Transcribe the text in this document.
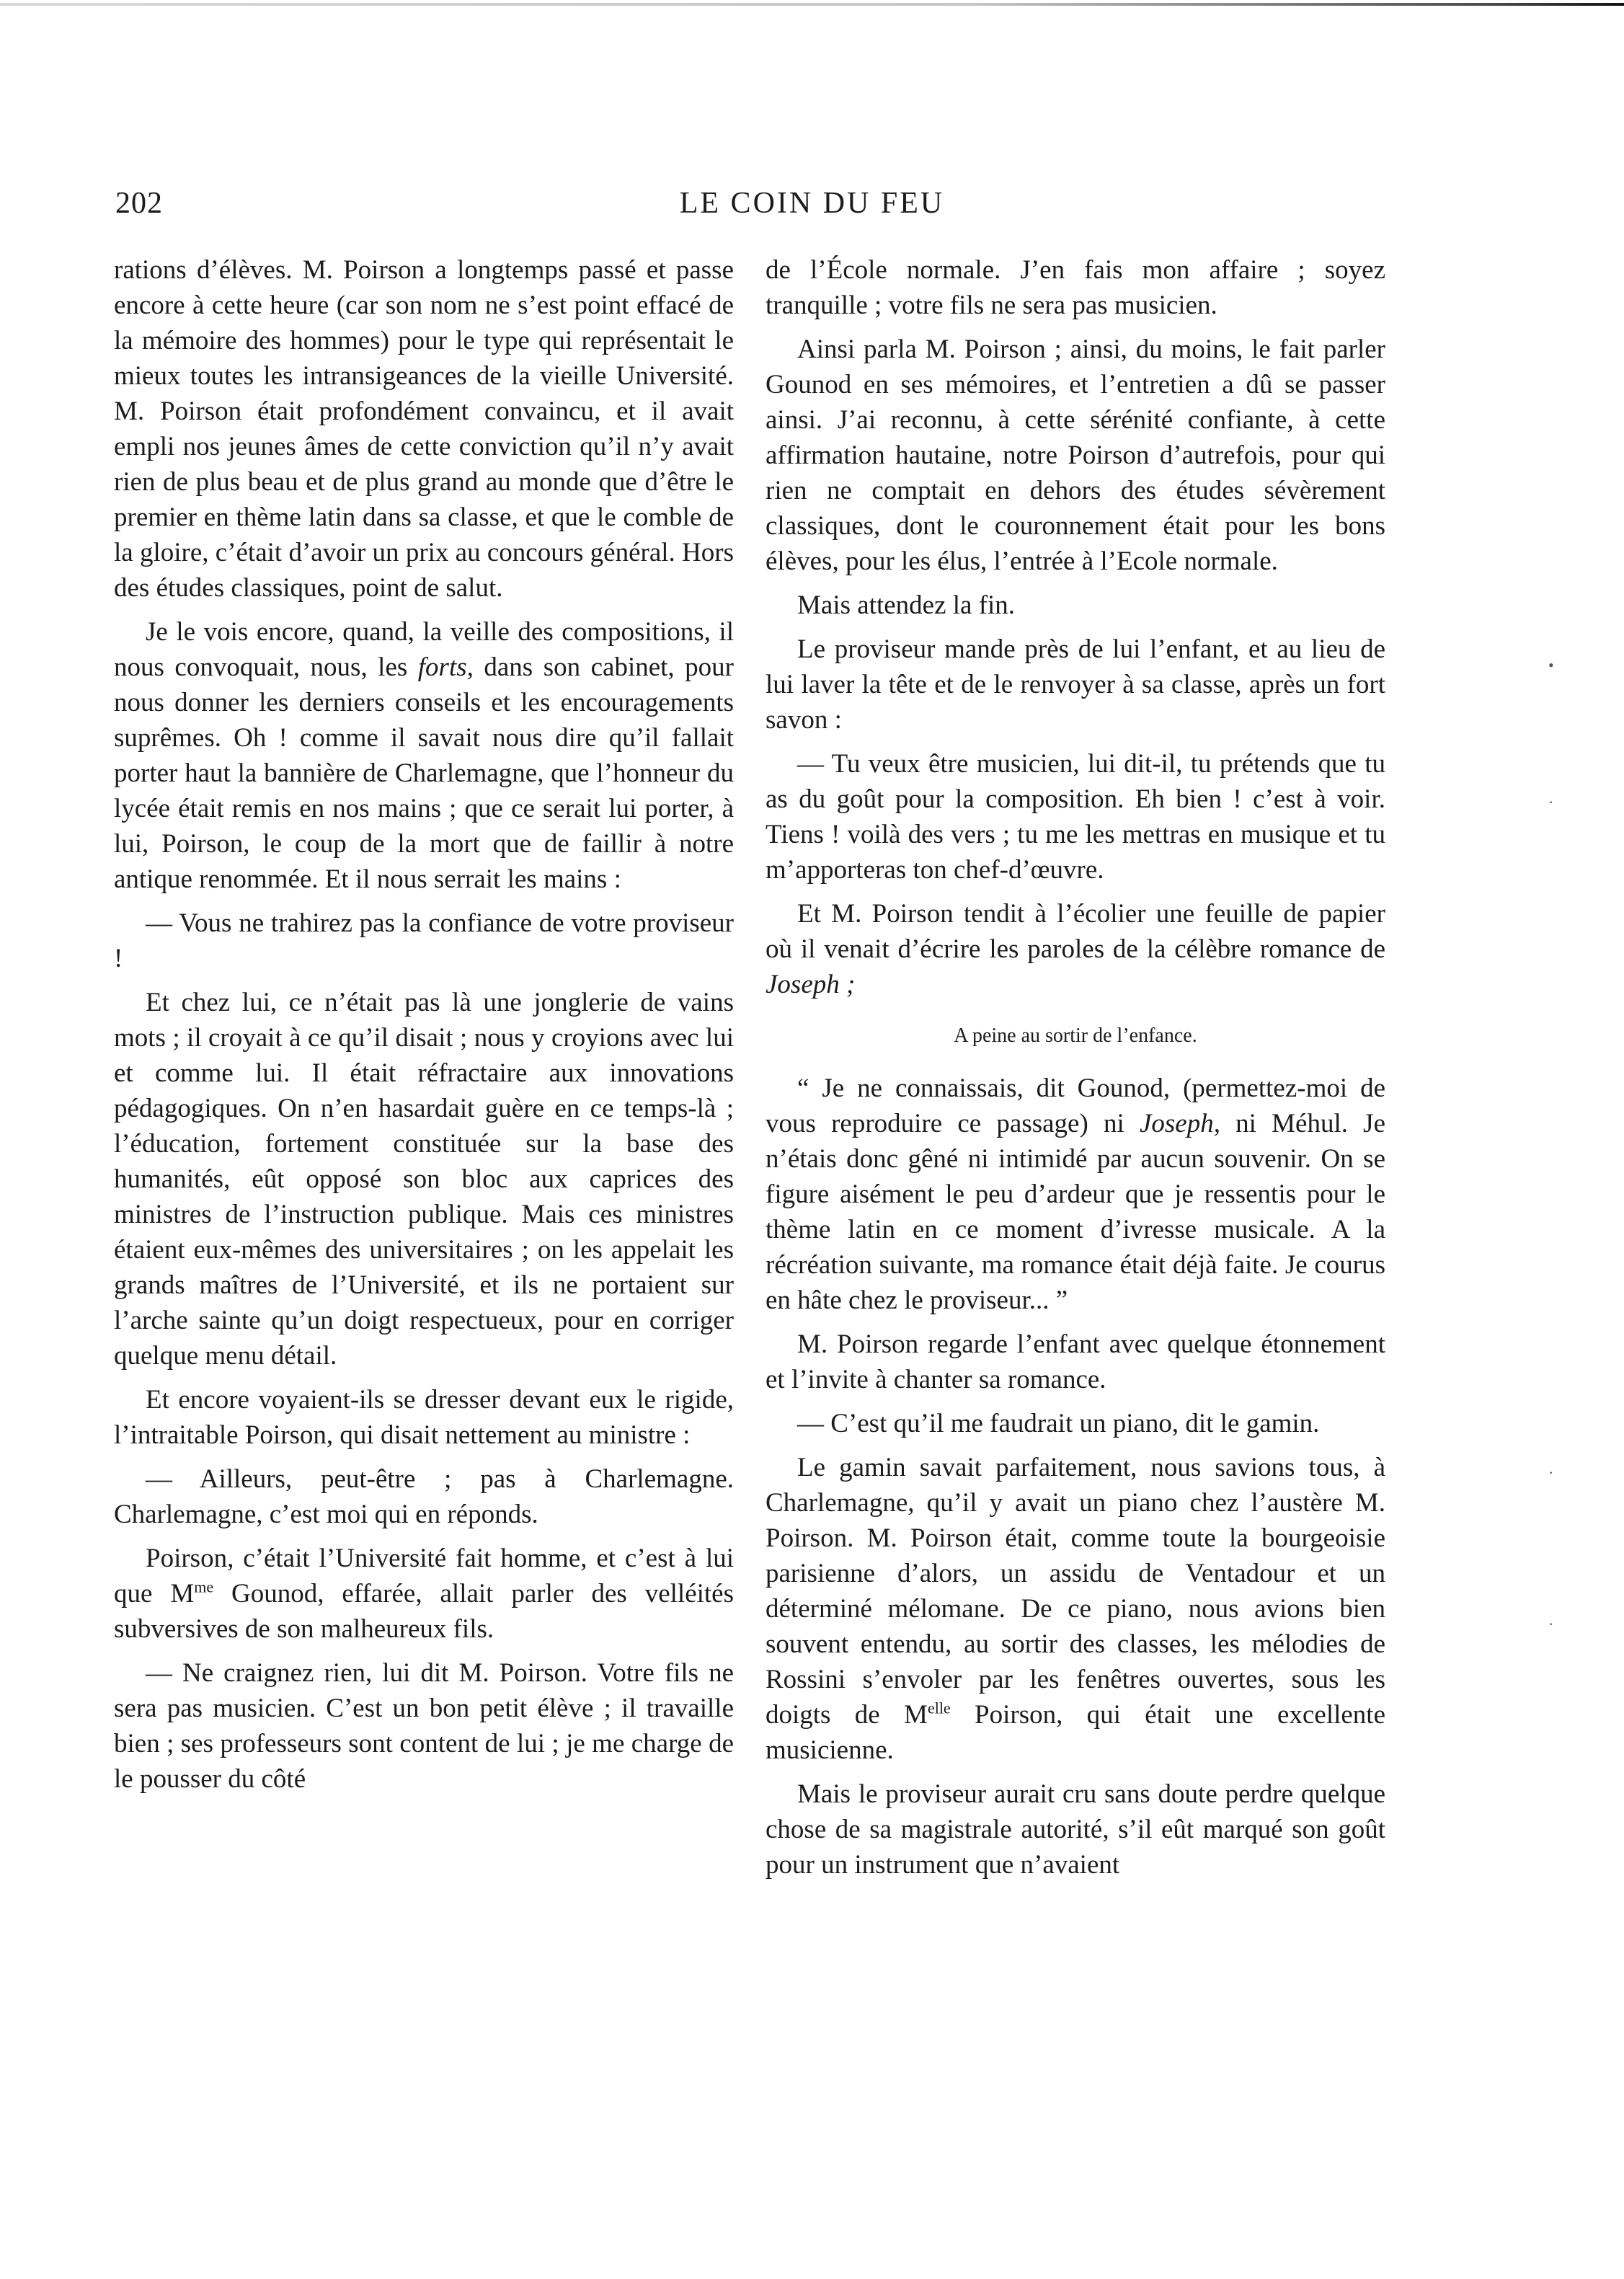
202	LE COIN DU FEU

rations d’élèves. M. Poirson a longtemps passé et passe encore à cette heure (car son nom ne s’est point effacé de la mémoire des hommes) pour le type qui représentait le mieux toutes les intransigeances de la vieille Université. M. Poirson était profondément convaincu, et il avait empli nos jeunes âmes de cette conviction qu’il n’y avait rien de plus beau et de plus grand au monde que d’être le premier en thème latin dans sa classe, et que le comble de la gloire, c’était d’avoir un prix au concours général. Hors des études classiques, point de salut.

Je le vois encore, quand, la veille des compositions, il nous convoquait, nous, les forts, dans son cabinet, pour nous donner les derniers conseils et les encouragements suprêmes. Oh ! comme il savait nous dire qu’il fallait porter haut la bannière de Charlemagne, que l’honneur du lycée était remis en nos mains ; que ce serait lui porter, à lui, Poirson, le coup de la mort que de faillir à notre antique renommée. Et il nous serrait les mains :

— Vous ne trahirez pas la confiance de votre proviseur !

Et chez lui, ce n’était pas là une jonglerie de vains mots ; il croyait à ce qu’il disait ; nous y croyions avec lui et comme lui. Il était réfractaire aux innovations pédagogiques. On n’en hasardait guère en ce temps-là ; l’éducation, fortement constituée sur la base des humanités, eût opposé son bloc aux caprices des ministres de l’instruction publique. Mais ces ministres étaient eux-mêmes des universitaires ; on les appelait les grands maîtres de l’Université, et ils ne portaient sur l’arche sainte qu’un doigt respectueux, pour en corriger quelque menu détail.

Et encore voyaient-ils se dresser devant eux le rigide, l’intraitable Poirson, qui disait nettement au ministre :

— Ailleurs, peut-être ; pas à Charlemagne. Charlemagne, c’est moi qui en réponds.

Poirson, c’était l’Université fait homme, et c’est à lui que $M^{me}$ Gounod, effarée, allait parler des velléités subversives de son malheureux fils.

— Ne craignez rien, lui dit M. Poirson. Votre fils ne sera pas musicien. C’est un bon petit élève ; il travaille bien ; ses professeurs sont content de lui ; je me charge de le pousser du côté

de l’École normale. J’en fais mon affaire ; soyez tranquille ; votre fils ne sera pas musicien.

Ainsi parla M. Poirson ; ainsi, du moins, le fait parler Gounod en ses mémoires, et l’entretien a dû se passer ainsi. J’ai reconnu, à cette sérénité confiante, à cette affirmation hautaine, notre Poirson d’autrefois, pour qui rien ne comptait en dehors des études sévèrement classiques, dont le couronnement était pour les bons élèves, pour les élus, l’entrée à l’Ecole normale.

Mais attendez la fin.

Le proviseur mande près de lui l’enfant, et au lieu de lui laver la tête et de le renvoyer à sa classe, après un fort savon :

— Tu veux être musicien, lui dit-il, tu prétends que tu as du goût pour la composition. Eh bien ! c’est à voir. Tiens ! voilà des vers ; tu me les mettras en musique et tu m’apporteras ton chef-d’œuvre.

Et M. Poirson tendit à l’écolier une feuille de papier où il venait d’écrire les paroles de la célèbre romance de Joseph ;

A peine au sortir de l’enfance.

“ Je ne connaissais, dit Gounod, (permettez-moi de vous reproduire ce passage) ni Joseph, ni Méhul. Je n’étais donc gêné ni intimidé par aucun souvenir. On se figure aisément le peu d’ardeur que je ressentis pour le thème latin en ce moment d’ivresse musicale. A la récréation suivante, ma romance était déjà faite. Je courus en hâte chez le proviseur... ”

M. Poirson regarde l’enfant avec quelque étonnement et l’invite à chanter sa romance.

— C’est qu’il me faudrait un piano, dit le gamin.

Le gamin savait parfaitement, nous savions tous, à Charlemagne, qu’il y avait un piano chez l’austère M. Poirson. M. Poirson était, comme toute la bourgeoisie parisienne d’alors, un assidu de Ventadour et un déterminé mélomane. De ce piano, nous avions bien souvent entendu, au sortir des classes, les mélodies de Rossini s’envoler par les fenêtres ouvertes, sous les doigts de $M^{elle}$ Poirson, qui était une excellente musicienne.

Mais le proviseur aurait cru sans doute perdre quelque chose de sa magistrale autorité, s’il eût marqué son goût pour un instrument que n’avaient

•
·
·
·
